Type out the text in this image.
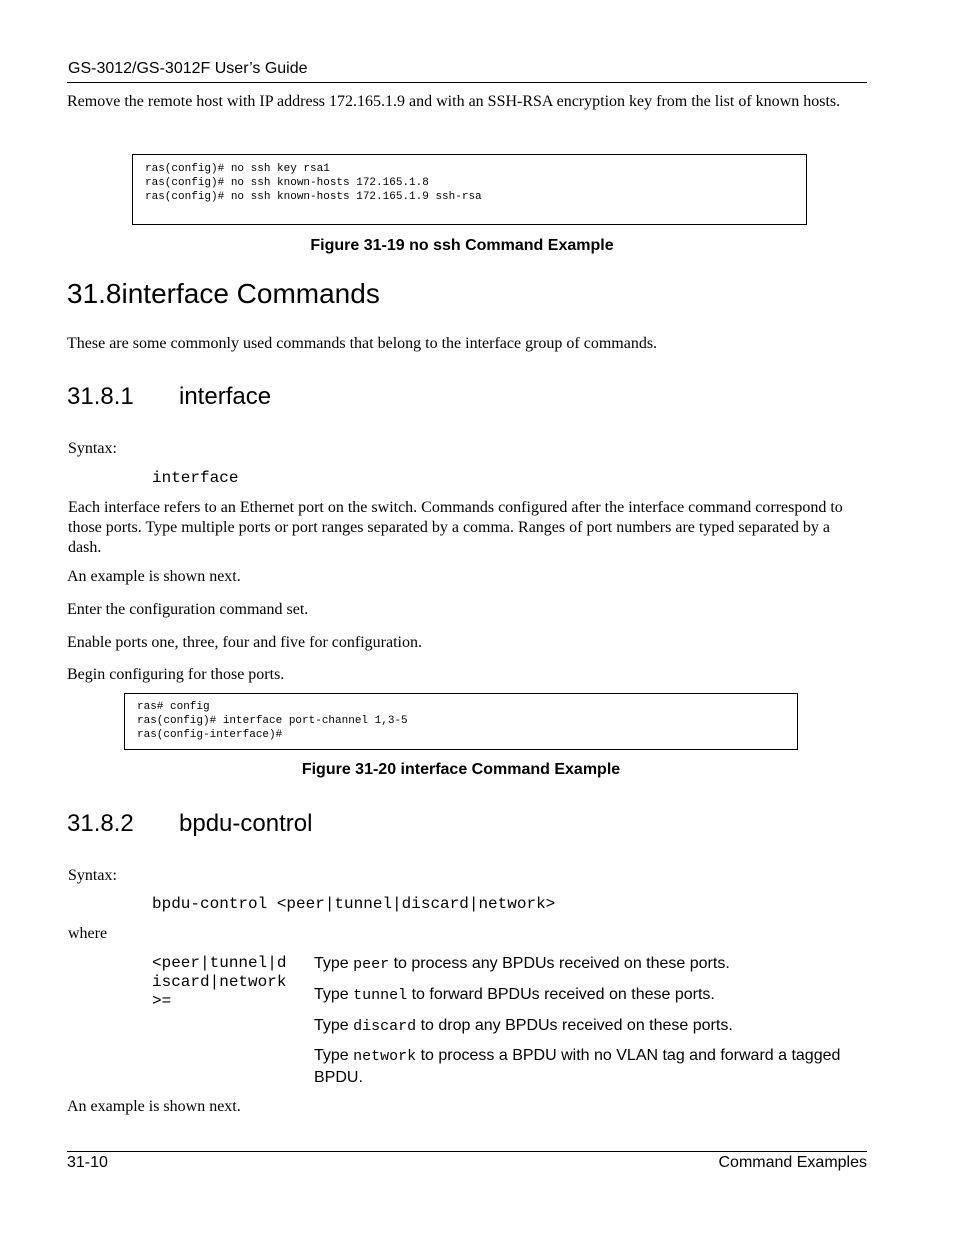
GS-3012/GS-3012F User’s Guide
Remove the remote host with IP address 172.165.1.9 and with an SSH-RSA encryption key from the list of known hosts.
ras(config)# no ssh key rsa1
ras(config)# no ssh known-hosts 172.165.1.8
ras(config)# no ssh known-hosts 172.165.1.9 ssh-rsa
Figure 31-19 no ssh Command Example
31.8interface Commands
These are some commonly used commands that belong to the interface group of commands.
31.8.1 interface
Syntax:
interface
Each interface refers to an Ethernet port on the switch. Commands configured after the interface command correspond to those ports. Type multiple ports or port ranges separated by a comma. Ranges of port numbers are typed separated by a dash.
An example is shown next.
Enter the configuration command set.
Enable ports one, three, four and five for configuration.
Begin configuring for those ports.
ras# config
ras(config)# interface port-channel 1,3-5
ras(config-interface)#
Figure 31-20 interface Command Example
31.8.2 bpdu-control
Syntax:
bpdu-control <peer|tunnel|discard|network>
where
<peer|tunnel|d
iscard|network
>=
Type peer to process any BPDUs received on these ports.
Type tunnel to forward BPDUs received on these ports.
Type discard to drop any BPDUs received on these ports.
Type network to process a BPDU with no VLAN tag and forward a tagged BPDU.
An example is shown next.
31-10	Command Examples
